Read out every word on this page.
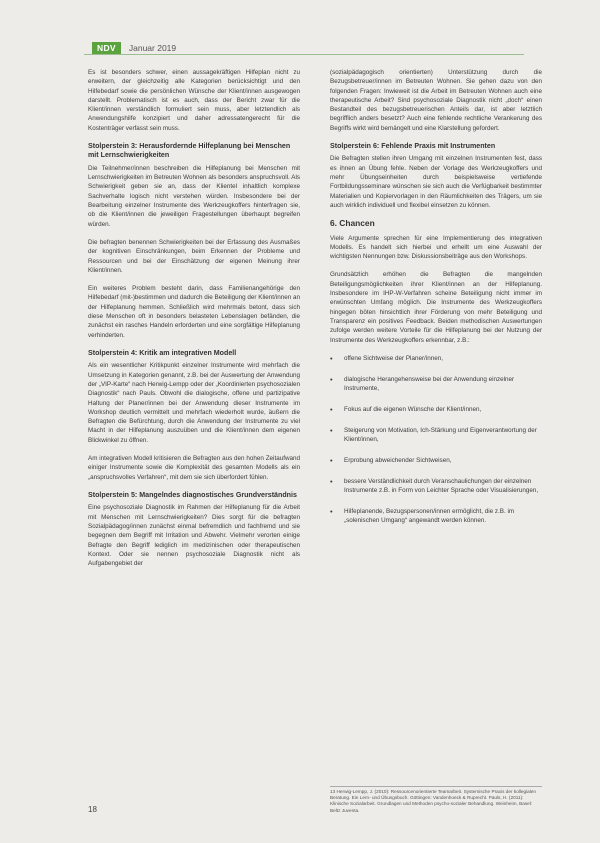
NDV	Januar 2019

Es ist besonders schwer, einen aussagekräftigen Hilfeplan nicht zu erweitern, der gleichzeitig alle Kategorien berücksichtigt und den Hilfebedarf sowie die persönlichen Wünsche der Klient/innen ausgewogen darstellt. Problematisch ist es auch, dass der Bericht zwar für die Klient/innen verständlich formuliert sein muss, aber letztendlich als Anwendungshilfe konzipiert und daher adressatengerecht für die Kostenträger verfasst sein muss.

Stolperstein 3: Herausfordernde Hilfeplanung bei Menschen mit Lernschwierigkeiten

Die Teilnehmer/innen beschreiben die Hilfeplanung bei Menschen mit Lernschwierigkeiten im Betreuten Wohnen als besonders anspruchsvoll. Als Schwierigkeit geben sie an, dass der Klientel inhaltlich komplexe Sachverhalte logisch nicht verstehen würden. Insbesondere bei der Bearbeitung einzelner Instrumente des Werkzeugkoffers hinterfragen sie, ob die Klient/innen die jeweiligen Fragestellungen überhaupt begreifen würden.

Die befragten benennen Schwierigkeiten bei der Erfassung des Ausmaßes der kognitiven Einschränkungen, beim Erkennen der Probleme und Ressourcen und bei der Einschätzung der eigenen Meinung ihrer Klient/innen.

Ein weiteres Problem besteht darin, dass Familienangehörige den Hilfebedarf (mit-)bestimmen und dadurch die Beteiligung der Klient/innen an der Hilfeplanung hemmen. Schließlich wird mehrmals betont, dass sich diese Menschen oft in besonders belasteten Lebenslagen befänden, die zunächst ein rasches Handeln erforderten und eine sorgfältige Hilfeplanung verhinderten.

Stolperstein 4: Kritik am integrativen Modell

Als ein wesentlicher Kritikpunkt einzelner Instrumente wird mehrfach die Umsetzung in Kategorien genannt, z.B. bei der Auswertung der Anwendung der „VIP-Karte“ nach Herwig-Lempp oder der „Koordinierten psychosozialen Diagnostik“ nach Pauls. Obwohl die dialogische, offene und partizipative Haltung der Planer/innen bei der Anwendung dieser Instrumente im Workshop deutlich vermittelt und mehrfach wiederholt wurde, äußern die Befragten die Befürchtung, durch die Anwendung der Instrumente zu viel Macht in der Hilfeplanung auszuüben und die Klient/innen dem eigenen Blickwinkel zu öffnen.

Am integrativen Modell kritisieren die Befragten aus den hohen Zeitaufwand einiger Instrumente sowie die Komplexität des gesamten Modells als ein „anspruchsvolles Verfahren“, mit dem sie sich überfordert fühlen.

Stolperstein 5: Mangelndes diagnostisches Grundverständnis

Eine psychosoziale Diagnostik im Rahmen der Hilfeplanung für die Arbeit mit Menschen mit Lernschwierigkeiten? Dies sorgt für die befragten Sozialpädagog/innen zunächst einmal befremdlich und fachfremd und sie begegnen dem Begriff mit Irritation und Abwehr. Vielmehr verorten einige Befragte den Begriff lediglich im medizinischen oder therapeutischen Kontext. Oder sie nennen psychosoziale Diagnostik nicht als Aufgabengebiet der

(sozialpädagogisch orientierten) Unterstützung durch die Bezugsbetreuer/innen im Betreuten Wohnen. Sie gehen dazu von den folgenden Fragen: Inwieweit ist die Arbeit im Betreuten Wohnen auch eine therapeutische Arbeit? Sind psychosoziale Diagnostik nicht „doch“ einen Bestandteil des bezugsbetreuerischen Anteils dar, ist aber letztlich begrifflich anders besetzt? Auch eine fehlende rechtliche Verankerung des Begriffs wirkt wird bemängelt und eine Klarstellung gefordert.

Stolperstein 6: Fehlende Praxis mit Instrumenten

Die Befragten stellen ihren Umgang mit einzelnen Instrumenten fest, dass es ihnen an Übung fehle. Neben der Vorlage des Werkzeugkoffers und mehr Übungseinheiten durch beispielsweise vertiefende Fortbildungsseminare wünschen sie sich auch die Verfügbarkeit bestimmter Materialien und Kopiervorlagen in den Räumlichkeiten des Trägers, um sie auch wirklich individuell und flexibel einsetzen zu können.

6. Chancen

Viele Argumente sprechen für eine Implementierung des integrativen Modells. Es handelt sich hierbei und erhellt um eine Auswahl der wichtigsten Nennungen bzw. Diskussionsbeiträge aus den Workshops.

Grundsätzlich erhöhen die Befragten die mangelnden Beteiligungsmöglichkeiten ihrer Klient/innen an der Hilfeplanung. Insbesondere im IHP-W-Verfahren scheine Beteiligung nicht immer im erwünschten Umfang möglich. Die Instrumente des Werkzeugkoffers hingegen böten hinsichtlich ihrer Förderung von mehr Beteiligung und Transparenz ein positives Feedback. Beiden methodischen Auswertungen zufolge werden weitere Vorteile für die Hilfeplanung bei der Nutzung der Instrumente des Werkzeugkoffers erkennbar, z.B.:

•
offene Sichtweise der Planer/innen,
•
dialogische Herangehensweise bei der Anwendung einzelner Instrumente,
•
Fokus auf die eigenen Wünsche der Klient/innen,
•
Steigerung von Motivation, Ich-Stärkung und Eigenverantwortung der Klient/innen,
•
Erprobung abweichender Sichtweisen,
•
bessere Verständlichkeit durch Veranschaulichungen der einzelnen Instrumente z.B. in Form von Leichter Sprache oder Visualisierungen,
•
Hilfeplanende, Bezugspersonen/innen ermöglicht, die z.B. im „solenischen Umgang“ angewandt werden können.
13 Herwig-Lempp, J. (2010): Ressourcenorientierte Teamarbeit. Systemische Praxis der kollegialen Beratung. Ein Lern- und Übungsbuch. Göttingen: Vandenhoeck & Ruprecht. Pauls, H. (2011): Klinische Sozialarbeit. Grundlagen und Methoden psycho-sozialer Behandlung. Weinheim, Basel: Beltz Juventa.
18
